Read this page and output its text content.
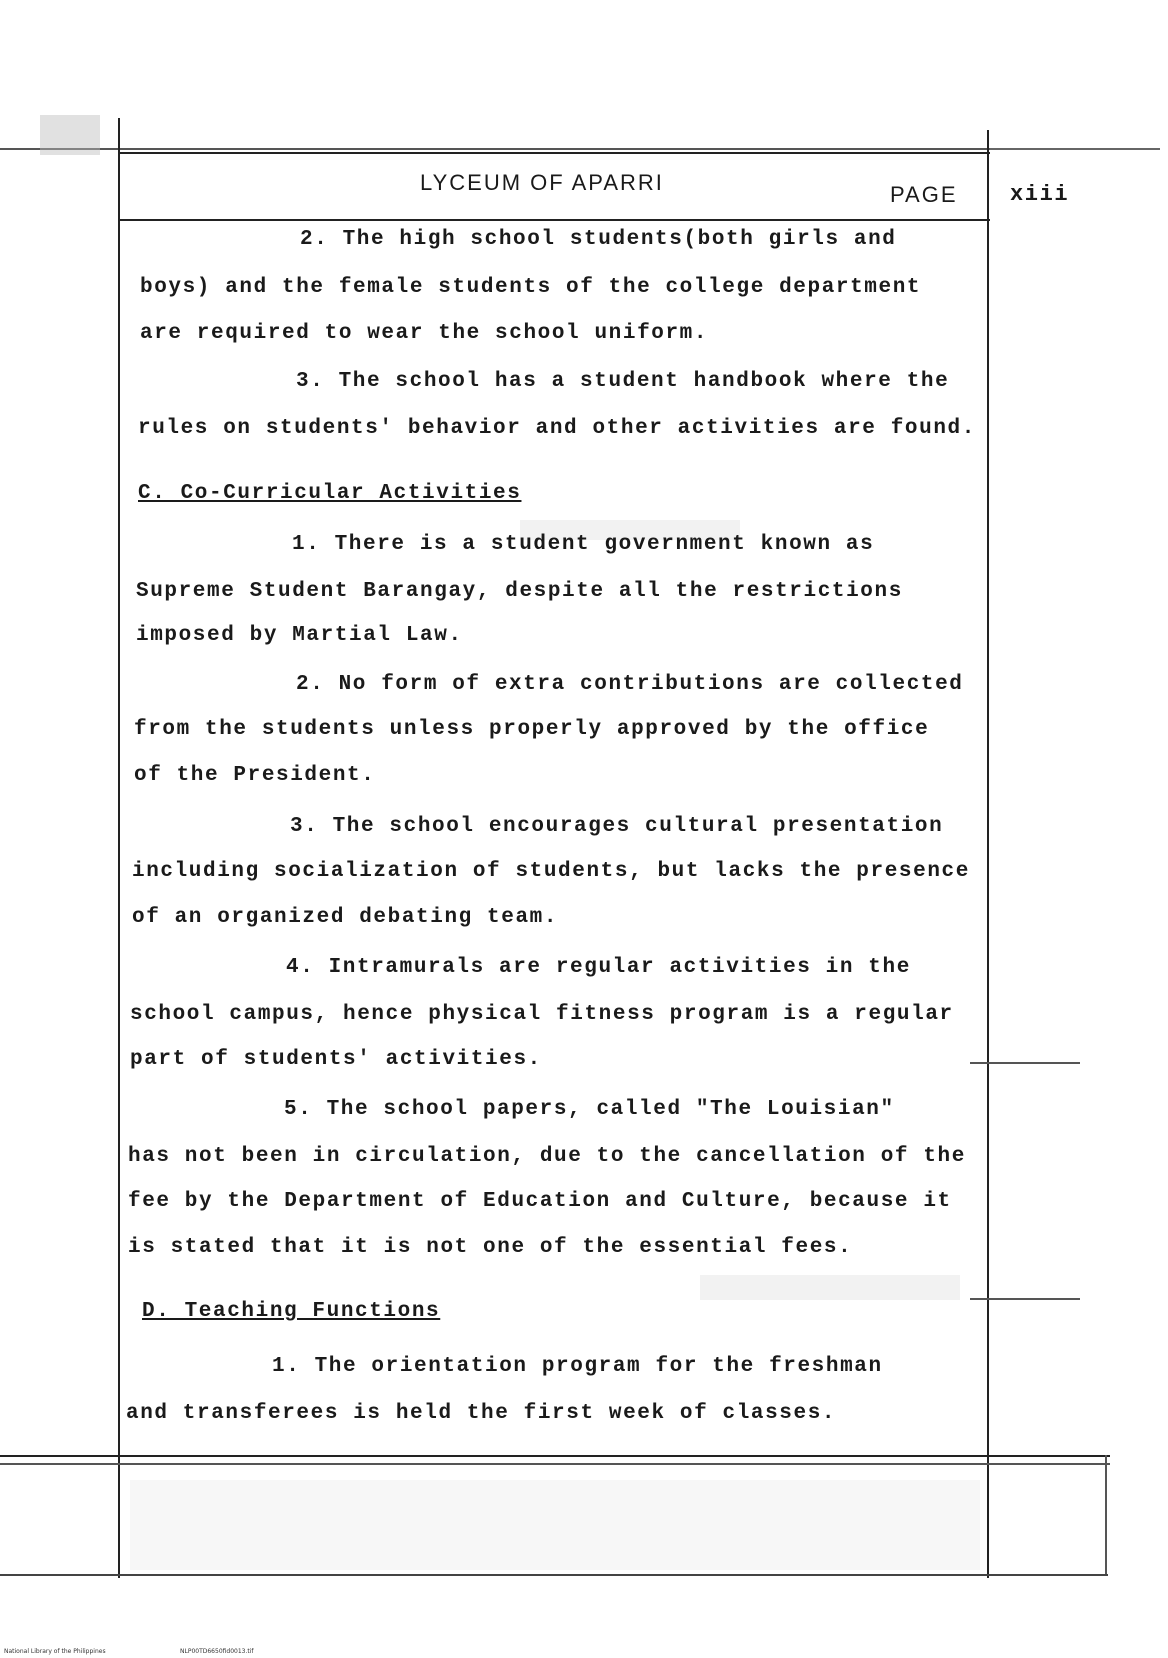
LYCEUM OF APARRI	PAGE xiii
2. The high school students(both girls and
boys) and the female students of the college department
are required to wear the school uniform.
3. The school has a student handbook where the
rules on students' behavior and other activities are found.
C. Co-Curricular Activities
1. There is a student government known as
Supreme Student Barangay, despite all the restrictions
imposed by Martial Law.
2. No form of extra contributions are collected
from the students unless properly approved by the office
of the President.
3. The school encourages cultural presentation
including socialization of students, but lacks the presence
of an organized debating team.
4. Intramurals are regular activities in the
school campus, hence physical fitness program is a regular
part of students' activities.
5. The school papers, called "The Louisian"
has not been in circulation, due to the cancellation of the
fee by the Department of Education and Culture, because it
is stated that it is not one of the essential fees.
D. Teaching Functions
1. The orientation program for the freshman
and transferees is held the first week of classes.
National Library of the Philippines	NLP00TD6650fid0013.tif
